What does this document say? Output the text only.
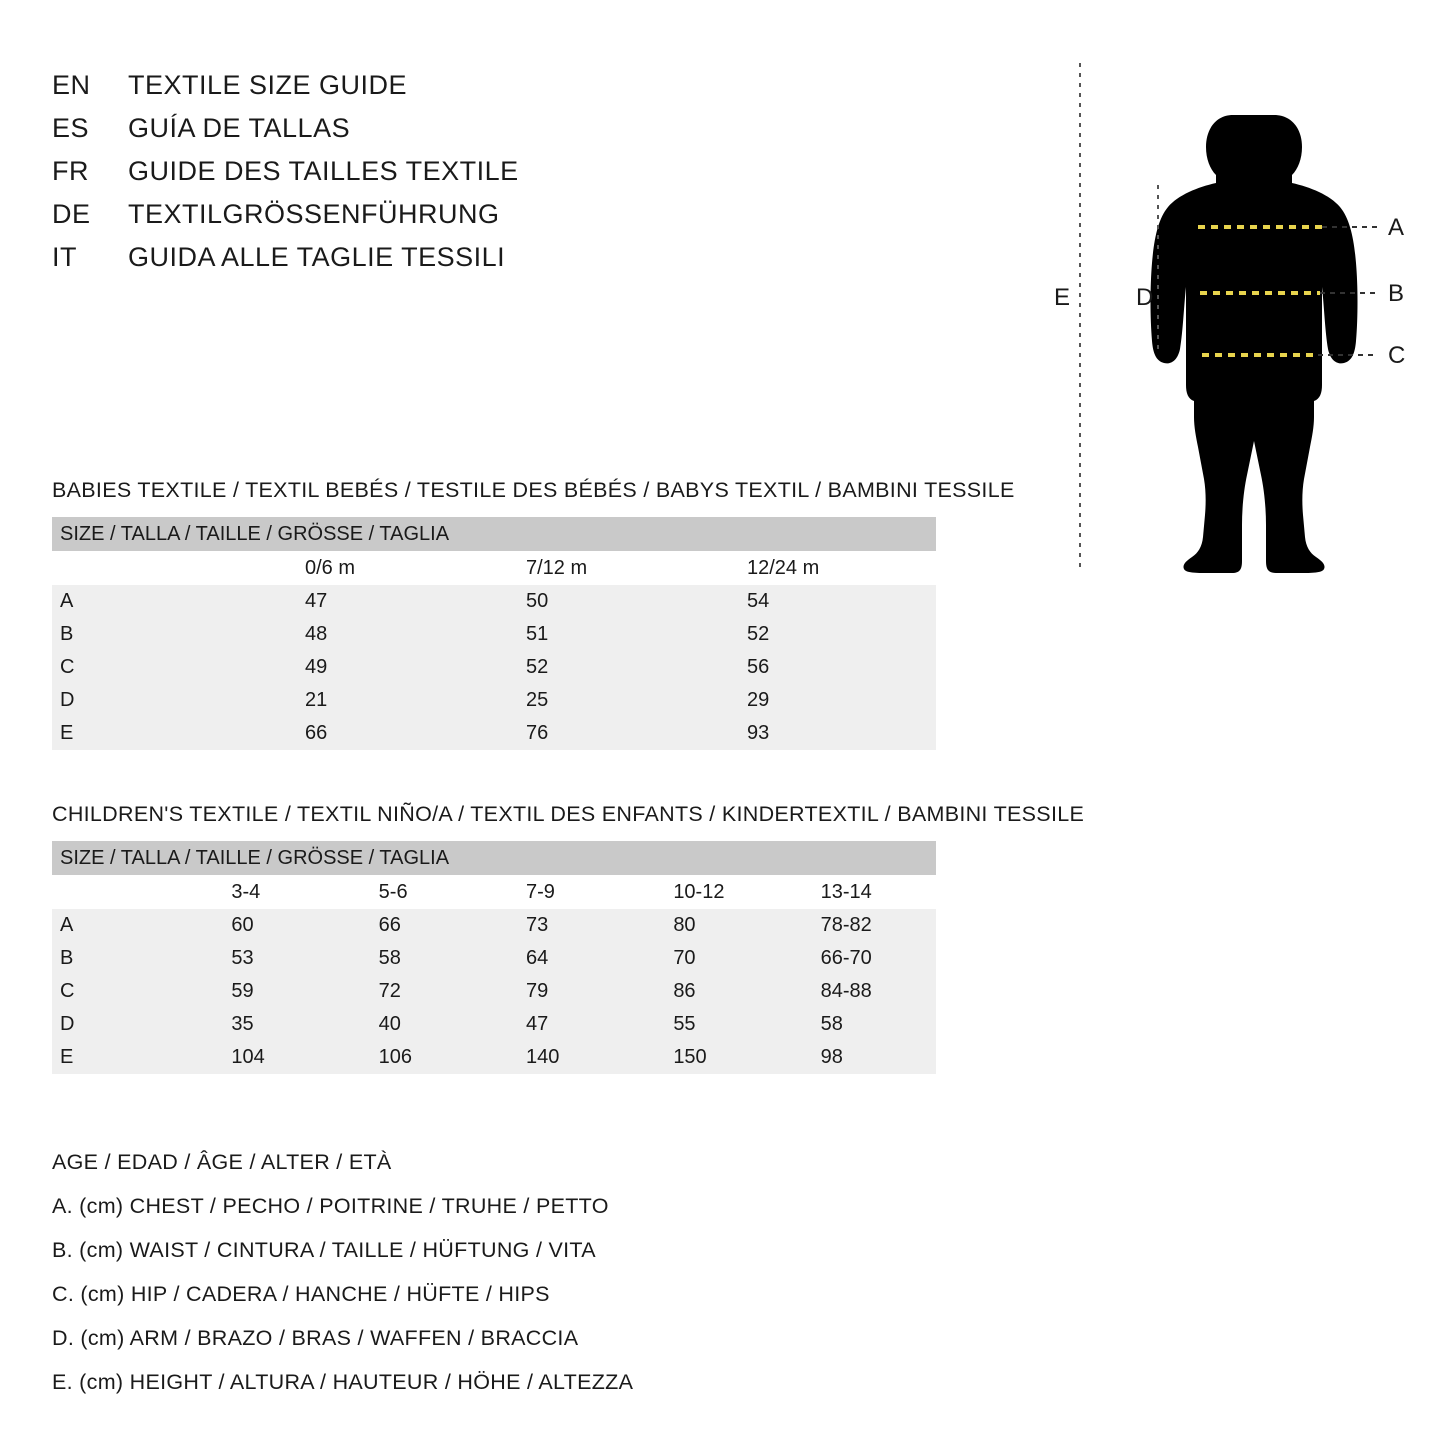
EN	TEXTILE SIZE GUIDE
ES	GUÍA DE TALLAS
FR	GUIDE DES TAILLES TEXTILE
DE	TEXTILGRÖSSENFÜHRUNG
IT	GUIDA ALLE TAGLIE TESSILI
A
B
C
D
E
BABIES TEXTILE / TEXTIL BEBÉS / TESTILE DES BÉBÉS / BABYS TEXTIL / BAMBINI TESSILE
SIZE / TALLA / TAILLE / GRÖSSE / TAGLIA			
	0/6 m	7/12 m	12/24 m
A	47	50	54
B	48	51	52
C	49	52	56
D	21	25	29
E	66	76	93
CHILDREN'S TEXTILE / TEXTIL NIÑO/A / TEXTIL DES ENFANTS / KINDERTEXTIL / BAMBINI TESSILE
SIZE / TALLA / TAILLE / GRÖSSE / TAGLIA					
	3-4	5-6	7-9	10-12	13-14
A	60	66	73	80	78-82
B	53	58	64	70	66-70
C	59	72	79	86	84-88
D	35	40	47	55	58
E	104	106	140	150	98
AGE / EDAD / ÂGE / ALTER / ETÀ
A. (cm) CHEST / PECHO / POITRINE / TRUHE / PETTO
B. (cm) WAIST / CINTURA / TAILLE / HÜFTUNG / VITA
C. (cm) HIP / CADERA / HANCHE / HÜFTE / HIPS
D. (cm) ARM / BRAZO / BRAS / WAFFEN / BRACCIA
E. (cm) HEIGHT / ALTURA / HAUTEUR / HÖHE / ALTEZZA
